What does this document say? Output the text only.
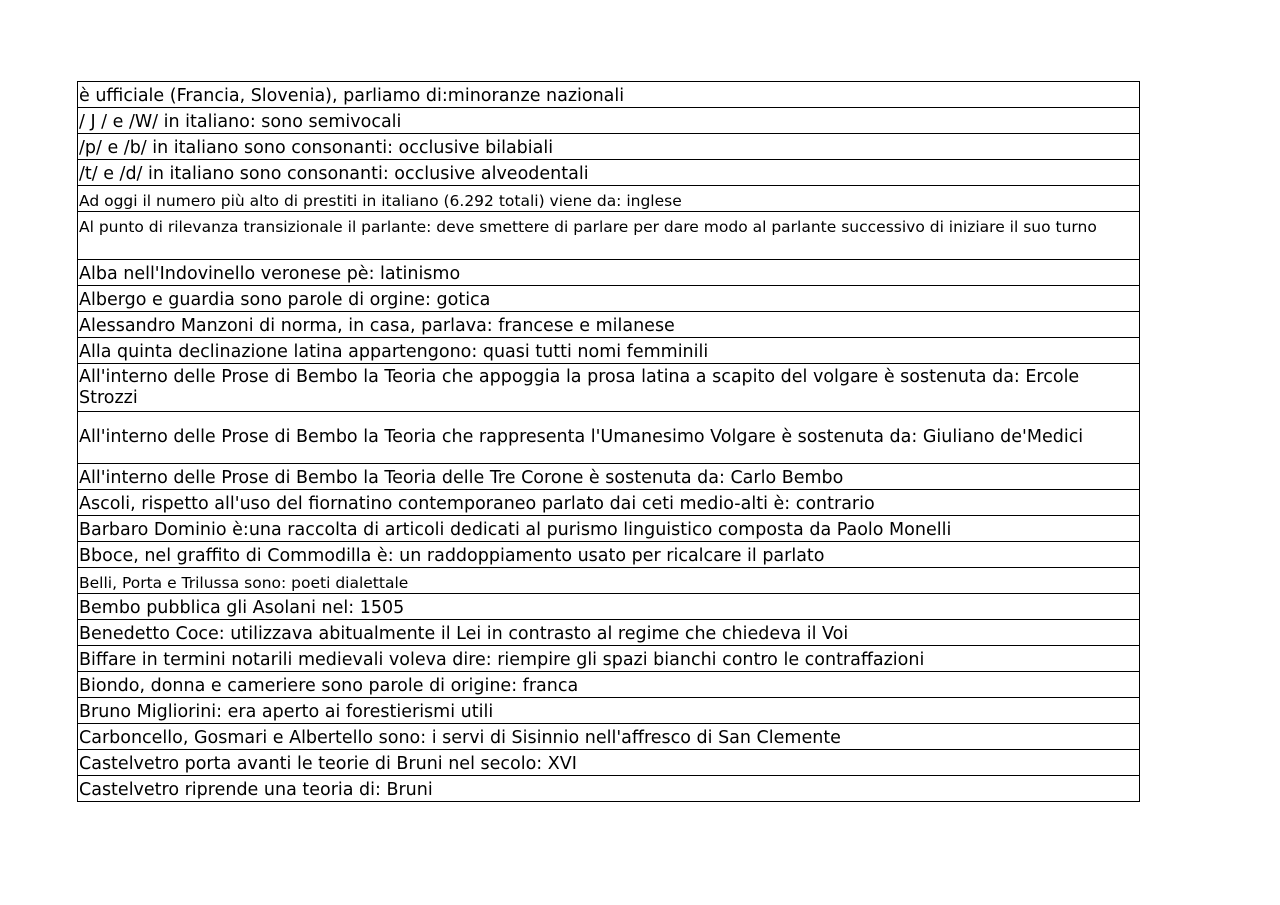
è ufficiale (Francia, Slovenia), parliamo di:minoranze nazionali
/ J / e /W/ in italiano: sono semivocali
/p/ e /b/ in italiano sono consonanti: occlusive bilabiali
/t/ e /d/ in italiano sono consonanti: occlusive alveodentali
Ad oggi il numero più alto di prestiti in italiano (6.292 totali) viene da: inglese
Al punto di rilevanza transizionale il parlante: deve smettere di parlare per dare modo al parlante successivo di iniziare il suo turno
Alba nell'Indovinello veronese pè: latinismo
Albergo e guardia sono parole di orgine: gotica
Alessandro Manzoni di norma, in casa, parlava: francese e milanese
Alla quinta declinazione latina appartengono: quasi tutti nomi femminili
All'interno delle Prose di Bembo la Teoria che appoggia la prosa latina a scapito del volgare è sostenuta da: Ercole Strozzi
All'interno delle Prose di Bembo la Teoria che rappresenta l'Umanesimo Volgare è sostenuta da: Giuliano de'Medici
All'interno delle Prose di Bembo la Teoria delle Tre Corone è sostenuta da: Carlo Bembo
Ascoli, rispetto all'uso del fiornatino contemporaneo parlato dai ceti medio-alti è: contrario
Barbaro Dominio è:una raccolta di articoli dedicati al purismo linguistico composta da Paolo Monelli
Bboce, nel graffito di Commodilla è: un raddoppiamento usato per ricalcare il parlato
Belli, Porta e Trilussa sono: poeti dialettale
Bembo pubblica gli Asolani nel: 1505
Benedetto Coce: utilizzava abitualmente il Lei in contrasto al regime che chiedeva il Voi
Biffare in termini notarili medievali voleva dire: riempire gli spazi bianchi contro le contraffazioni
Biondo, donna e cameriere sono parole di origine: franca
Bruno Migliorini: era aperto ai forestierismi utili
Carboncello, Gosmari e Albertello sono: i servi di Sisinnio nell'affresco di San Clemente
Castelvetro porta avanti le teorie di Bruni nel secolo: XVI
Castelvetro riprende una teoria di: Bruni
